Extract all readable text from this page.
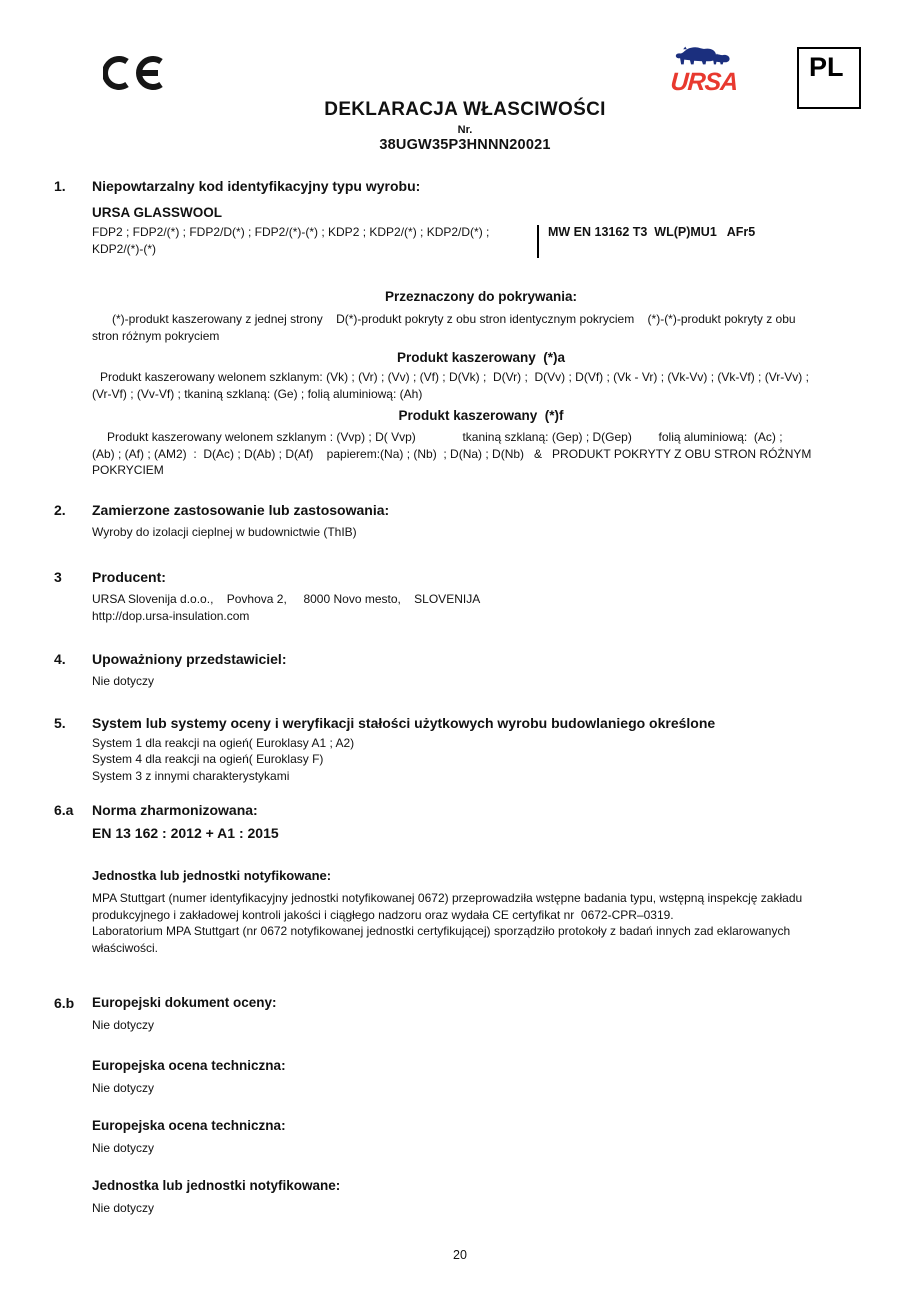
URSA	PL
DEKLARACJA WŁASCIWOŚCI
Nr.
38UGW35P3HNNN20021
1.	Niepowtarzalny kod identyfikacyjny typu wyrobu:
URSA GLASSWOOL
FDP2 ; FDP2/(*) ; FDP2/D(*) ; FDP2/(*)-(*) ; KDP2 ; KDP2/(*) ; KDP2/D(*) ;
KDP2/(*)-(*)
MW EN 13162 T3  WL(P)MU1   AFr5
Przeznaczony do pokrywania:
(*)-produkt kaszerowany z jednej strony    D(*)-produkt pokryty z obu stron identycznym pokryciem    (*)-(*)-produkt pokryty z obu
stron różnym pokryciem
Produkt kaszerowany  (*)a
Produkt kaszerowany welonem szklanym: (Vk) ; (Vr) ; (Vv) ; (Vf) ; D(Vk) ;  D(Vr) ;  D(Vv) ; D(Vf) ; (Vk - Vr) ; (Vk-Vv) ; (Vk-Vf) ; (Vr-Vv) ;
(Vr-Vf) ; (Vv-Vf) ; tkaniną szklaną: (Ge) ; folią aluminiową: (Ah)
Produkt kaszerowany  (*)f
Produkt kaszerowany welonem szklanym : (Vvp) ; D( Vvp)              tkaniną szklaną: (Gep) ; D(Gep)        folią aluminiową:  (Ac) ;
(Ab) ; (Af) ; (AM2)  :  D(Ac) ; D(Ab) ; D(Af)    papierem:(Na) ; (Nb)  ; D(Na) ; D(Nb)   &   PRODUKT POKRYTY Z OBU STRON RÓŻNYM
POKRYCIEM
2.	Zamierzone zastosowanie lub zastosowania:
Wyroby do izolacji cieplnej w budownictwie (ThIB)
3	Producent:
URSA Slovenija d.o.o.,    Povhova 2,     8000 Novo mesto,    SLOVENIJA
http://dop.ursa-insulation.com
4.	Upoważniony przedstawiciel:
Nie dotyczy
5.	System lub systemy oceny i weryfikacji stałości użytkowych wyrobu budowlaniego określone
System 1 dla reakcji na ogień( Euroklasy A1 ; A2)
System 4 dla reakcji na ogień( Euroklasy F)
System 3 z innymi charakterystykami
6.a	Norma zharmonizowana:
EN 13 162 : 2012 + A1 : 2015
Jednostka lub jednostki notyfikowane:
MPA Stuttgart (numer identyfikacyjny jednostki notyfikowanej 0672) przeprowadziła wstępne badania typu, wstępną inspekcję zakładu
produkcyjnego i zakładowej kontroli jakości i ciągłego nadzoru oraz wydała CE certyfikat nr  0672-CPR–0319.
Laboratorium MPA Stuttgart (nr 0672 notyfikowanej jednostki certyfikującej) sporządziło protokoły z badań innych zad eklarowanych
właściwości.
6.b	Europejski dokument oceny:
Nie dotyczy
Europejska ocena techniczna:
Nie dotyczy
Europejska ocena techniczna:
Nie dotyczy
Jednostka lub jednostki notyfikowane:
Nie dotyczy
20
